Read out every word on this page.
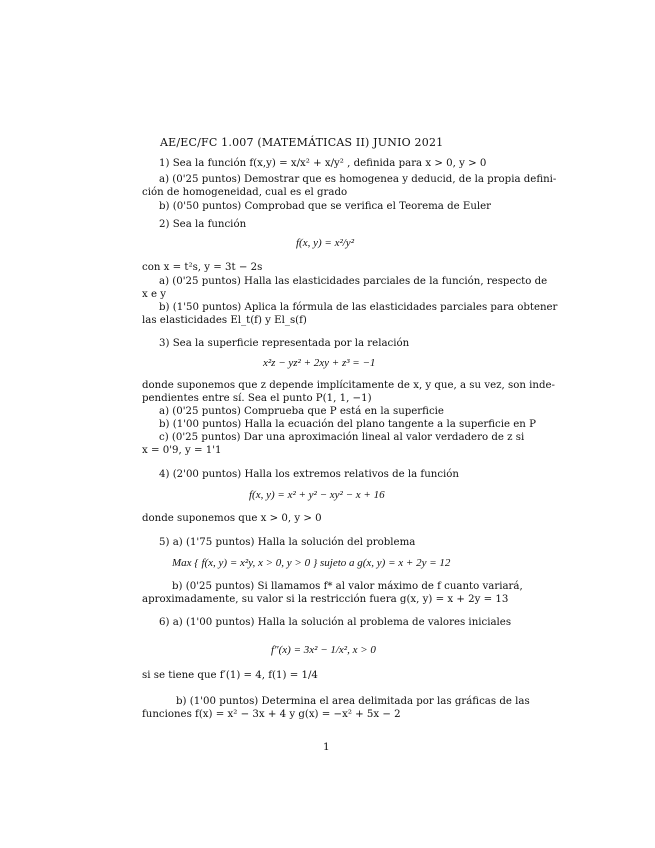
AE/EC/FC 1.007 (MATEMÁTICAS II) JUNIO 2021
1) Sea la función f(x,y) = x/x² + x/y² , definida para x > 0, y > 0
a) (0'25 puntos) Demostrar que es homogenea y deducid, de la propia defini-
ción de homogeneidad, cual es el grado
b) (0'50 puntos) Comprobad que se verifica el Teorema de Euler
2) Sea la función
f(x, y) = x²/y²
con x = t²s, y = 3t − 2s
a) (0'25 puntos) Halla las elasticidades parciales de la función, respecto de
x e y
b) (1'50 puntos) Aplica la fórmula de las elasticidades parciales para obtener
las elasticidades El_t(f) y El_s(f)
3) Sea la superficie representada por la relación
x²z − yz² + 2xy + z³ = −1
donde suponemos que z depende implícitamente de x, y que, a su vez, son inde-
pendientes entre sí. Sea el punto P(1, 1, −1)
a) (0'25 puntos) Comprueba que P está en la superficie
b) (1'00 puntos) Halla la ecuación del plano tangente a la superficie en P
c) (0'25 puntos) Dar una aproximación lineal al valor verdadero de z si
x = 0'9, y = 1'1
4) (2'00 puntos) Halla los extremos relativos de la función
f(x, y) = x² + y² − xy² − x + 16
donde suponemos que x > 0, y > 0
5) a) (1'75 puntos) Halla la solución del problema
Max { f(x, y) = x²y, x > 0, y > 0 } sujeto a g(x, y) = x + 2y = 12
b) (0'25 puntos) Si llamamos f* al valor máximo de f cuanto variará,
aproximadamente, su valor si la restricción fuera g(x, y) = x + 2y = 13
6) a) (1'00 puntos) Halla la solución al problema de valores iniciales
f″(x) = 3x² − 1/x², x > 0
si se tiene que f′(1) = 4, f(1) = 1/4
b) (1'00 puntos) Determina el area delimitada por las gráficas de las
funciones f(x) = x² − 3x + 4 y g(x) = −x² + 5x − 2
1
